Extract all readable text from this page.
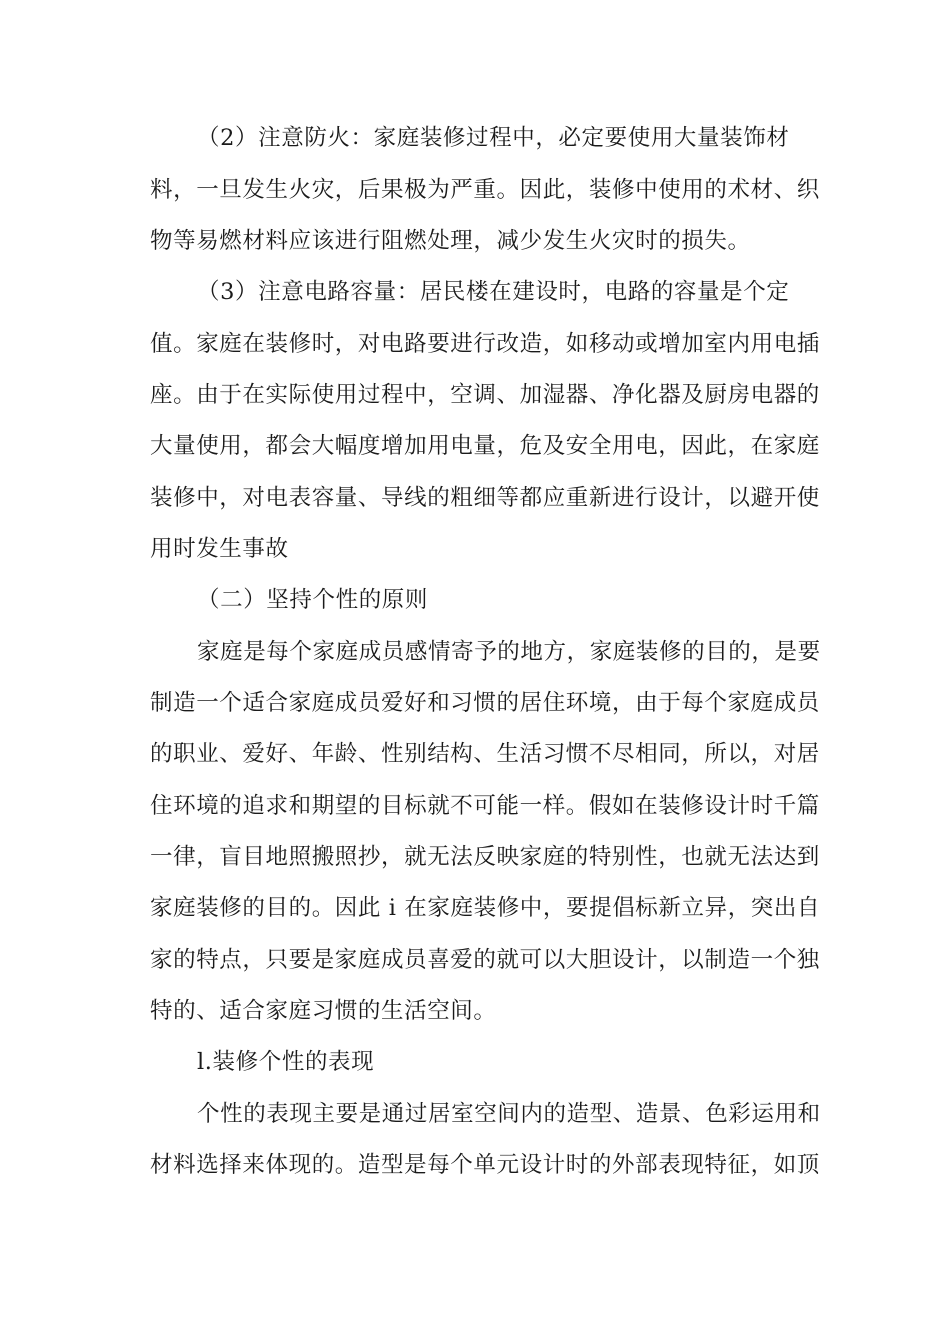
（2）注意防火：家庭装修过程中，必定要使用大量装饰材
料，一旦发生火灾，后果极为严重。因此，装修中使用的术材、织
物等易燃材料应该进行阻燃处理，减少发生火灾时的损失。
（3）注意电路容量：居民楼在建设时，电路的容量是个定
值。家庭在装修时，对电路要进行改造，如移动或增加室内用电插
座。由于在实际使用过程中，空调、加湿器、净化器及厨房电器的
大量使用，都会大幅度增加用电量，危及安全用电，因此，在家庭
装修中，对电表容量、导线的粗细等都应重新进行设计，以避开使
用时发生事故
（二）坚持个性的原则
家庭是每个家庭成员感情寄予的地方，家庭装修的目的，是要
制造一个适合家庭成员爱好和习惯的居住环境，由于每个家庭成员
的职业、爱好、年龄、性别结构、生活习惯不尽相同，所以，对居
住环境的追求和期望的目标就不可能一样。假如在装修设计时千篇
一律，盲目地照搬照抄，就无法反映家庭的特别性，也就无法达到
家庭装修的目的。因此 i 在家庭装修中，要提倡标新立异，突出自
家的特点，只要是家庭成员喜爱的就可以大胆设计，以制造一个独
特的、适合家庭习惯的生活空间。
l.装修个性的表现
个性的表现主要是通过居室空间内的造型、造景、色彩运用和
材料选择来体现的。造型是每个单元设计时的外部表现特征，如顶
